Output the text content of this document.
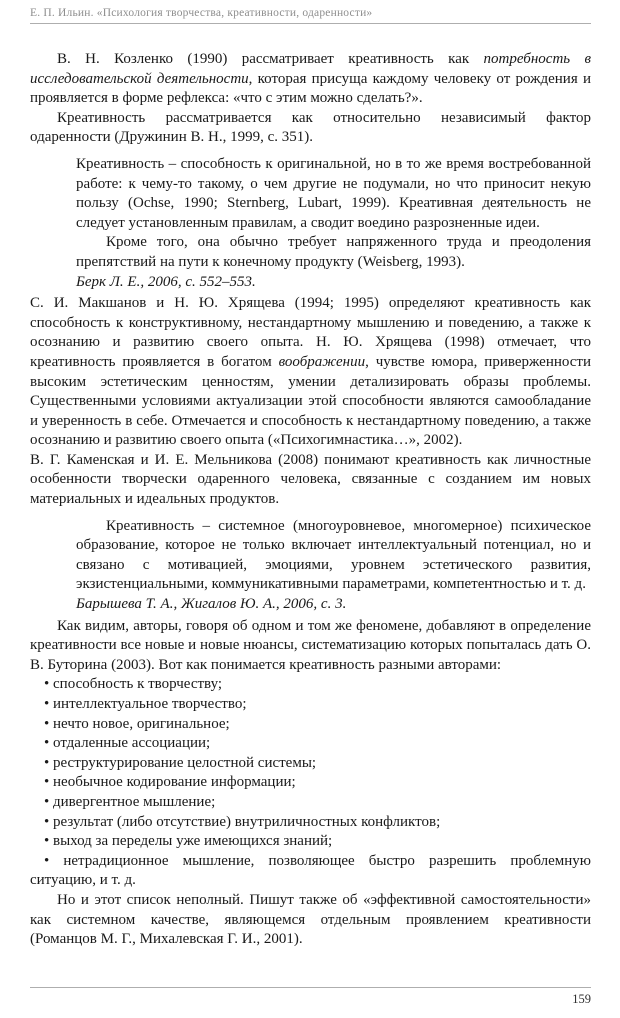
Е. П. Ильин. «Психология творчества, креативности, одаренности»
В. Н. Козленко (1990) рассматривает креативность как потребность в исследовательской деятельности, которая присуща каждому человеку от рождения и проявляется в форме рефлекса: «что с этим можно сделать?».
Креативность рассматривается как относительно независимый фактор одаренности (Дружинин В. Н., 1999, с. 351).
Креативность – способность к оригинальной, но в то же время востребованной работе: к чему-то такому, о чем другие не подумали, но что приносит некую пользу (Ochse, 1990; Sternberg, Lubart, 1999). Креативная деятельность не следует установленным правилам, а сводит воедино разрозненные идеи.
Кроме того, она обычно требует напряженного труда и преодоления препятствий на пути к конечному продукту (Weisberg, 1993).
Берк Л. Е., 2006, с. 552–553.
С. И. Макшанов и Н. Ю. Хрящева (1994; 1995) определяют креативность как способность к конструктивному, нестандартному мышлению и поведению, а также к осознанию и развитию своего опыта. Н. Ю. Хрящева (1998) отмечает, что креативность проявляется в богатом воображении, чувстве юмора, приверженности высоким эстетическим ценностям, умении детализировать образы проблемы. Существенными условиями актуализации этой способности являются самообладание и уверенность в себе. Отмечается и способность к нестандартному поведению, а также осознанию и развитию своего опыта («Психогимнастика…», 2002).
В. Г. Каменская и И. Е. Мельникова (2008) понимают креативность как личностные особенности творчески одаренного человека, связанные с созданием им новых материальных и идеальных продуктов.
Креативность – системное (многоуровневое, многомерное) психическое образование, которое не только включает интеллектуальный потенциал, но и связано с мотивацией, эмоциями, уровнем эстетического развития, экзистенциальными, коммуникативными параметрами, компетентностью и т. д.
Барышева Т. А., Жигалов Ю. А., 2006, с. 3.
Как видим, авторы, говоря об одном и том же феномене, добавляют в определение креативности все новые и новые нюансы, систематизацию которых попыталась дать О. В. Буторина (2003). Вот как понимается креативность разными авторами:
• способность к творчеству;
• интеллектуальное творчество;
• нечто новое, оригинальное;
• отдаленные ассоциации;
• реструктурирование целостной системы;
• необычное кодирование информации;
• дивергентное мышление;
• результат (либо отсутствие) внутриличностных конфликтов;
• выход за переделы уже имеющихся знаний;
• нетрадиционное мышление, позволяющее быстро разрешить проблемную ситуацию, и т. д.
Но и этот список неполный. Пишут также об «эффективной самостоятельности» как системном качестве, являющемся отдельным проявлением креативности (Романцов М. Г., Михалевская Г. И., 2001).
159
